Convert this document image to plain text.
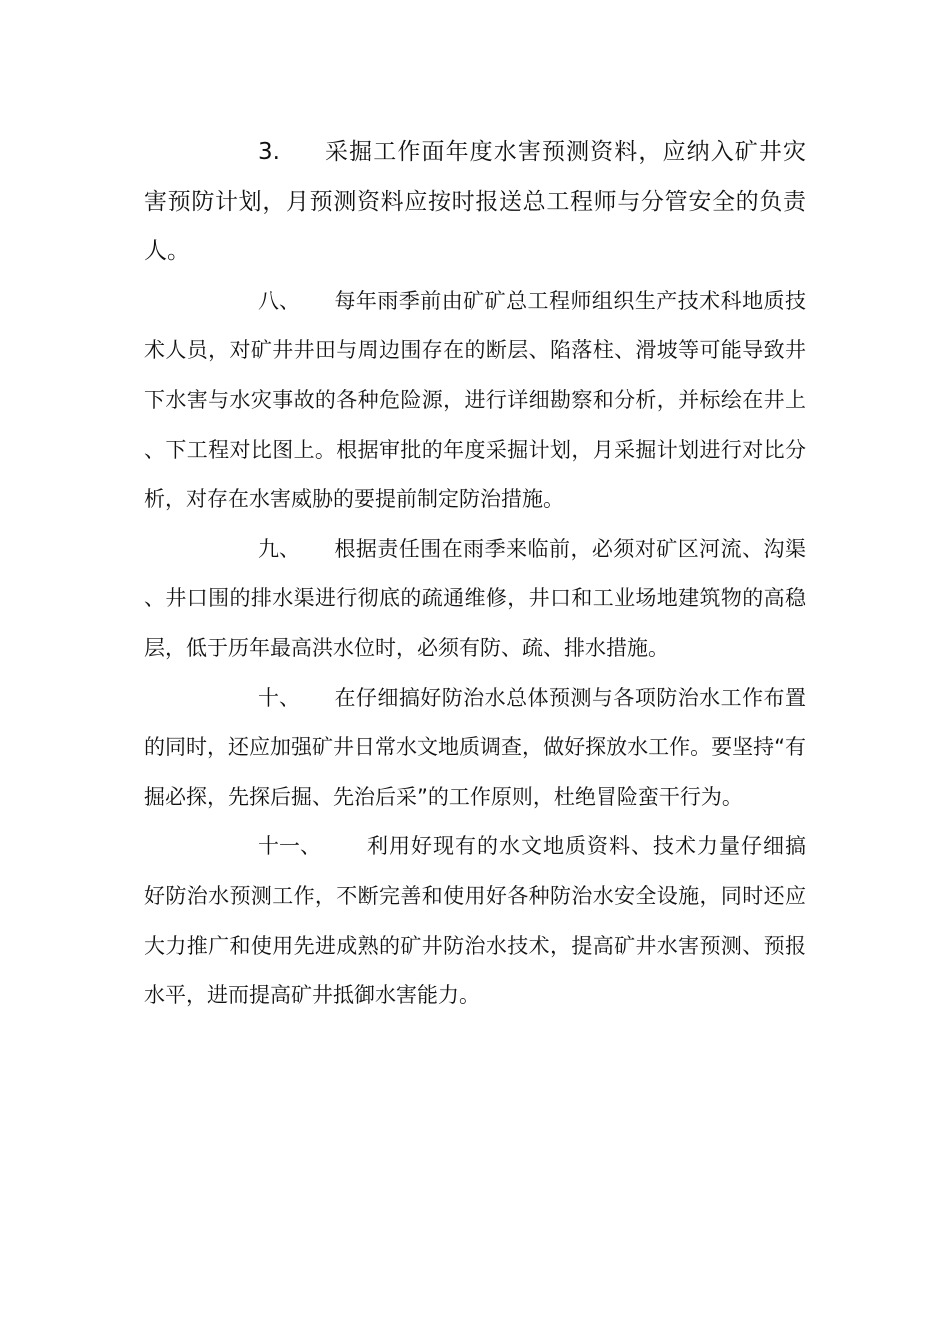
3. 采掘工作面年度水害预测资料，应纳入矿井灾害预防计划，月预测资料应按时报送总工程师与分管安全的负责人。

八、 每年雨季前由矿矿总工程师组织生产技术科地质技术人员，对矿井井田与周边围存在的断层、陷落柱、滑坡等可能导致井下水害与水灾事故的各种危险源，进行详细勘察和分析，并标绘在井上、下工程对比图上。根据审批的年度采掘计划，月采掘计划进行对比分析，对存在水害威胁的要提前制定防治措施。

九、 根据责任围在雨季来临前，必须对矿区河流、沟渠、井口围的排水渠进行彻底的疏通维修，井口和工业场地建筑物的高稳层，低于历年最高洪水位时，必须有防、疏、排水措施。

十、 在仔细搞好防治水总体预测与各项防治水工作布置的同时，还应加强矿井日常水文地质调查，做好探放水工作。要坚持“有掘必探，先探后掘、先治后采”的工作原则，杜绝冒险蛮干行为。

十一、 利用好现有的水文地质资料、技术力量仔细搞好防治水预测工作，不断完善和使用好各种防治水安全设施，同时还应大力推广和使用先进成熟的矿井防治水技术，提高矿井水害预测、预报水平，进而提高矿井抵御水害能力。
